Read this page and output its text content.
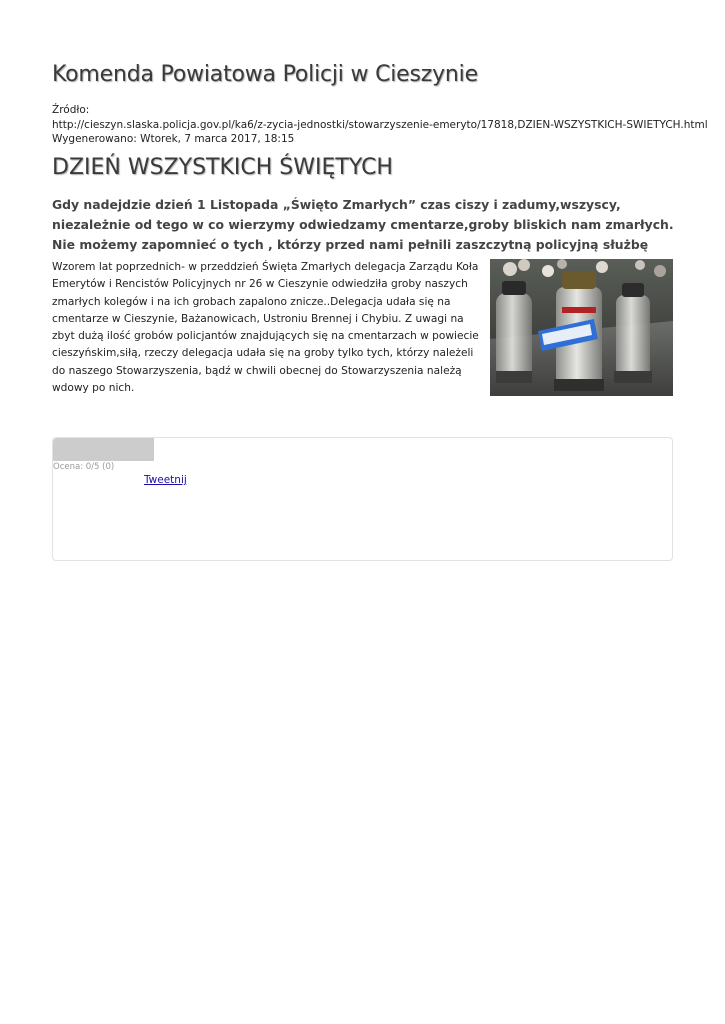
Komenda Powiatowa Policji w Cieszynie
Źródło:
http://cieszyn.slaska.policja.gov.pl/ka6/z-zycia-jednostki/stowarzyszenie-emeryto/17818,DZIEN-WSZYSTKICH-SWIETYCH.html
Wygenerowano: Wtorek, 7 marca 2017, 18:15
DZIEŃ WSZYSTKICH ŚWIĘTYCH

Gdy nadejdzie dzień 1 Listopada „Święto Zmarłych” czas ciszy i zadumy,wszyscy, niezależnie od tego w co wierzymy odwiedzamy cmentarze,groby bliskich nam zmarłych. Nie możemy zapomnieć o tych , którzy przed nami pełnili zaszczytną policyjną służbę

Wzorem lat poprzednich- w przeddzień Święta Zmarłych delegacja Zarządu Koła Emerytów i Rencistów Policyjnych nr 26 w Cieszynie odwiedziła groby naszych zmarłych kolegów i na ich grobach zapalono znicze..Delegacja udała się na cmentarze w Cieszynie, Bażanowicach, Ustroniu Brennej i Chybiu. Z uwagi na zbyt dużą ilość grobów policjantów znajdujących się na cmentarzach w powiecie cieszyńskim,siłą, rzeczy delegacja udała się na groby tylko tych, którzy należeli do naszego Stowarzyszenia, bądź w chwili obecnej do Stowarzyszenia należą wdowy po nich.

Ocena: 0/5 (0)
Tweetnij
